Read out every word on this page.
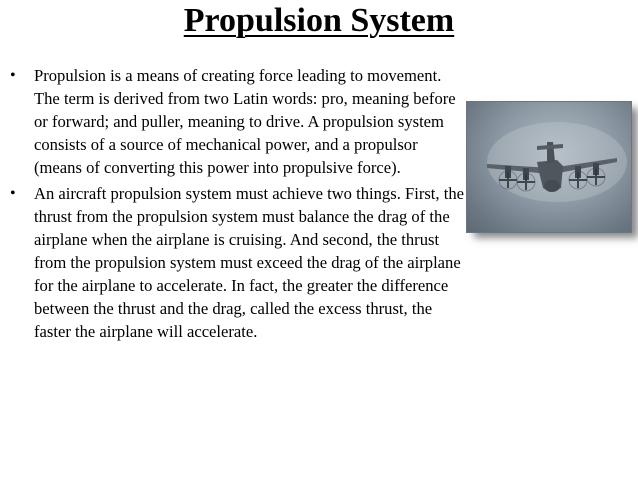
Propulsion System
• Propulsion is a means of creating force leading to movement. The term is derived from two Latin words: pro, meaning before or forward; and puller, meaning to drive. A propulsion system consists of a source of mechanical power, and a propulsor (means of converting this power into propulsive force).
• An aircraft propulsion system must achieve two things. First, the thrust from the propulsion system must balance the drag of the airplane when the airplane is cruising. And second, the thrust from the propulsion system must exceed the drag of the airplane for the airplane to accelerate. In fact, the greater the difference between the thrust and the drag, called the excess thrust, the faster the airplane will accelerate.
